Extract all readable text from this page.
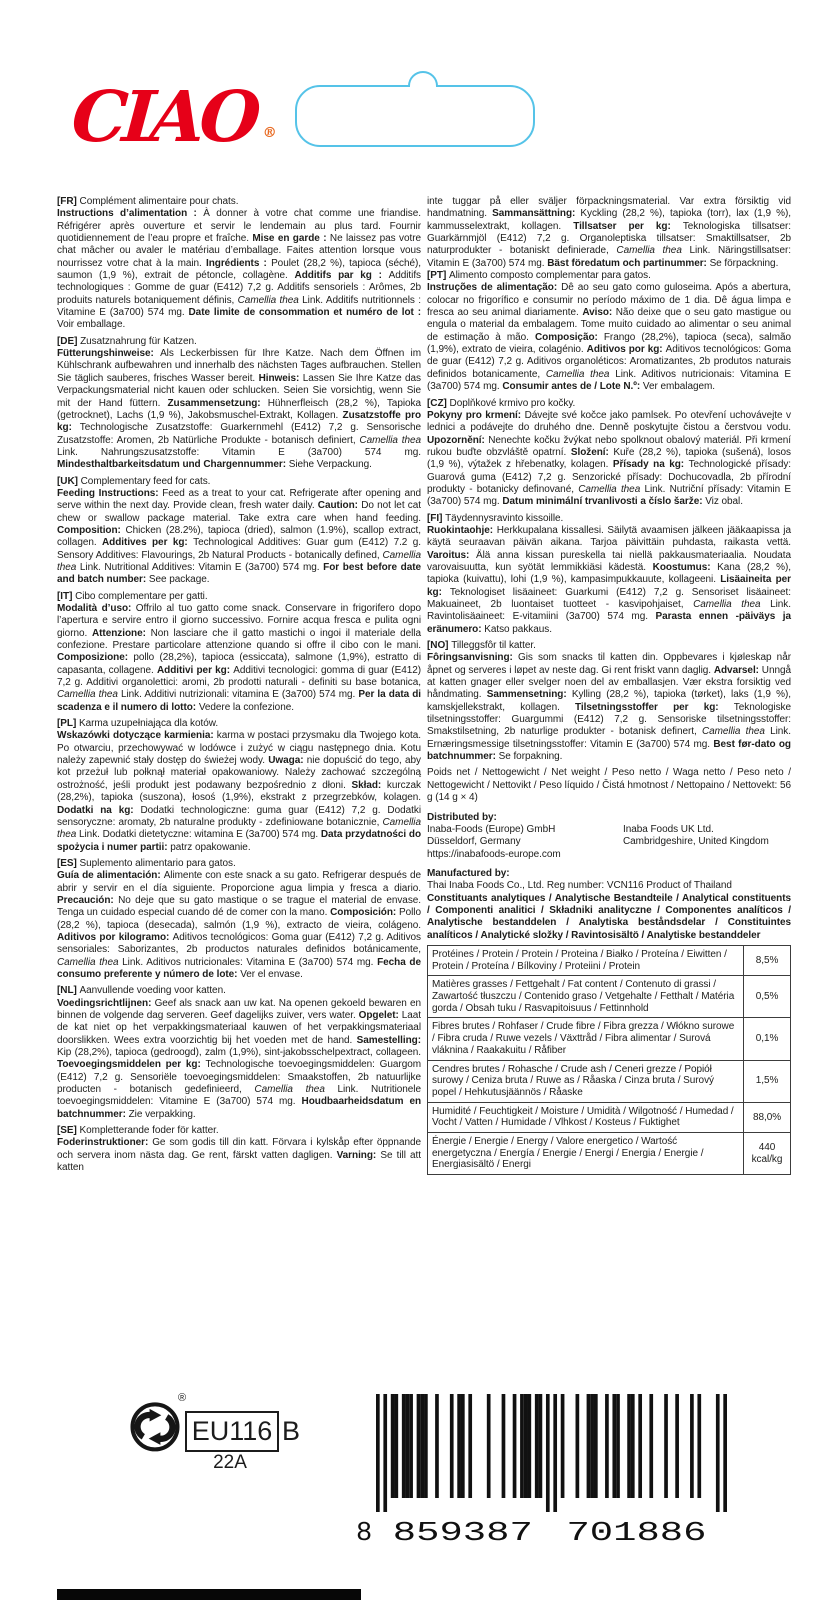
CIAO ®

[FR] Complément alimentaire pour chats.

Instructions d’alimentation : À donner à votre chat comme une friandise. Réfrigérer après ouverture et servir le lendemain au plus tard. Fournir quotidiennement de l’eau propre et fraîche. Mise en garde : Ne laissez pas votre chat mâcher ou avaler le matériau d’emballage. Faites attention lorsque vous nourrissez votre chat à la main. Ingrédients : Poulet (28,2 %), tapioca (séché), saumon (1,9 %), extrait de pétoncle, collagène. Additifs par kg : Additifs technologiques : Gomme de guar (E412) 7,2 g. Additifs sensoriels : Arômes, 2b produits naturels botaniquement définis, Camellia thea Link. Additifs nutritionnels : Vitamine E (3a700) 574 mg. Date limite de consommation et numéro de lot : Voir emballage.

[DE] Zusatznahrung für Katzen.

Fütterungshinweise: Als Leckerbissen für Ihre Katze. Nach dem Öffnen im Kühlschrank aufbewahren und innerhalb des nächsten Tages aufbrauchen. Stellen Sie täglich sauberes, frisches Wasser bereit. Hinweis: Lassen Sie Ihre Katze das Verpackungsmaterial nicht kauen oder schlucken. Seien Sie vorsichtig, wenn Sie mit der Hand füttern. Zusammensetzung: Hühnerfleisch (28,2 %), Tapioka (getrocknet), Lachs (1,9 %), Jakobsmuschel-Extrakt, Kollagen. Zusatzstoffe pro kg: Technologische Zusatzstoffe: Guarkernmehl (E412) 7,2 g. Sensorische Zusatzstoffe: Aromen, 2b Natürliche Produkte - botanisch definiert, Camellia thea Link. Nahrungszusatzstoffe: Vitamin E (3a700) 574 mg. Mindesthaltbarkeitsdatum und Chargennummer: Siehe Verpackung.

[UK] Complementary feed for cats.

Feeding Instructions: Feed as a treat to your cat. Refrigerate after opening and serve within the next day. Provide clean, fresh water daily. Caution: Do not let cat chew or swallow package material. Take extra care when hand feeding. Composition: Chicken (28.2%), tapioca (dried), salmon (1.9%), scallop extract, collagen. Additives per kg: Technological Additives: Guar gum (E412) 7.2 g. Sensory Additives: Flavourings, 2b Natural Products - botanically defined, Camellia thea Link. Nutritional Additives: Vitamin E (3a700) 574 mg. For best before date and batch number: See package.

[IT] Cibo complementare per gatti.

Modalità d’uso: Offrilo al tuo gatto come snack. Conservare in frigorifero dopo l’apertura e servire entro il giorno successivo. Fornire acqua fresca e pulita ogni giorno. Attenzione: Non lasciare che il gatto mastichi o ingoi il materiale della confezione. Prestare particolare attenzione quando si offre il cibo con le mani. Composizione: pollo (28,2%), tapioca (essiccata), salmone (1,9%), estratto di capasanta, collagene. Additivi per kg: Additivi tecnologici: gomma di guar (E412) 7,2 g. Additivi organolettici: aromi, 2b prodotti naturali - definiti su base botanica, Camellia thea Link. Additivi nutrizionali: vitamina E (3a700) 574 mg. Per la data di scadenza e il numero di lotto: Vedere la confezione.

[PL] Karma uzupełniająca dla kotów.

Wskazówki dotyczące karmienia: karma w postaci przysmaku dla Twojego kota. Po otwarciu, przechowywać w lodówce i zużyć w ciągu następnego dnia. Kotu należy zapewnić stały dostęp do świeżej wody. Uwaga: nie dopuścić do tego, aby kot przeżuł lub połknął materiał opakowaniowy. Należy zachować szczególną ostrożność, jeśli produkt jest podawany bezpośrednio z dłoni. Skład: kurczak (28,2%), tapioka (suszona), łosoś (1,9%), ekstrakt z przegrzebków, kolagen. Dodatki na kg: Dodatki technologiczne: guma guar (E412) 7,2 g. Dodatki sensoryczne: aromaty, 2b naturalne produkty - zdefiniowane botanicznie, Camellia thea Link. Dodatki dietetyczne: witamina E (3a700) 574 mg. Data przydatności do spożycia i numer partii: patrz opakowanie.

[ES] Suplemento alimentario para gatos.

Guía de alimentación: Alimente con este snack a su gato. Refrigerar después de abrir y servir en el día siguiente. Proporcione agua limpia y fresca a diario. Precaución: No deje que su gato mastique o se trague el material de envase. Tenga un cuidado especial cuando dé de comer con la mano. Composición: Pollo (28,2 %), tapioca (desecada), salmón (1,9 %), extracto de vieira, colágeno. Aditivos por kilogramo: Aditivos tecnológicos: Goma guar (E412) 7,2 g. Aditivos sensoriales: Saborizantes, 2b productos naturales definidos botánicamente, Camellia thea Link. Aditivos nutricionales: Vitamina E (3a700) 574 mg. Fecha de consumo preferente y número de lote: Ver el envase.

[NL] Aanvullende voeding voor katten.

Voedingsrichtlijnen: Geef als snack aan uw kat. Na openen gekoeld bewaren en binnen de volgende dag serveren. Geef dagelijks zuiver, vers water. Opgelet: Laat de kat niet op het verpakkingsmateriaal kauwen of het verpakkingsmateriaal doorslikken. Wees extra voorzichtig bij het voeden met de hand. Samestelling: Kip (28,2%), tapioca (gedroogd), zalm (1,9%), sint-jakobsschelpextract, collageen. Toevoegingsmiddelen per kg: Technologische toevoegingsmiddelen: Guargom (E412) 7,2 g. Sensoriële toevoegingsmiddelen: Smaakstoffen, 2b natuurlijke producten - botanisch gedefinieerd, Camellia thea Link. Nutritionele toevoegingsmiddelen: Vitamine E (3a700) 574 mg. Houdbaarheidsdatum en batchnummer: Zie verpakking.

[SE] Kompletterande foder för katter.

Foderinstruktioner: Ge som godis till din katt. Förvara i kylskåp efter öppnande och servera inom nästa dag. Ge rent, färskt vatten dagligen. Varning: Se till att katten

inte tuggar på eller sväljer förpackningsmaterial. Var extra försiktig vid handmatning. Sammansättning: Kyckling (28,2 %), tapioka (torr), lax (1,9 %), kammusselextrakt, kollagen. Tillsatser per kg: Teknologiska tillsatser: Guarkärnmjöl (E412) 7,2 g. Organoleptiska tillsatser: Smaktillsatser, 2b naturprodukter - botaniskt definierade, Camellia thea Link. Näringstillsatser: Vitamin E (3a700) 574 mg. Bäst föredatum och partinummer: Se förpackning.

[PT] Alimento composto complementar para gatos.

Instruções de alimentação: Dê ao seu gato como guloseima. Após a abertura, colocar no frigorífico e consumir no período máximo de 1 dia. Dê água limpa e fresca ao seu animal diariamente. Aviso: Não deixe que o seu gato mastigue ou engula o material da embalagem. Tome muito cuidado ao alimentar o seu animal de estimação à mão. Composição: Frango (28,2%), tapioca (seca), salmão (1,9%), extrato de vieira, colagénio. Aditivos por kg: Aditivos tecnológicos: Goma de guar (E412) 7,2 g. Aditivos organoléticos: Aromatizantes, 2b produtos naturais definidos botanicamente, Camellia thea Link. Aditivos nutricionais: Vitamina E (3a700) 574 mg. Consumir antes de / Lote N.º: Ver embalagem.

[CZ] Doplňkové krmivo pro kočky.

Pokyny pro krmení: Dávejte své kočce jako pamlsek. Po otevření uchovávejte v lednici a podávejte do druhého dne. Denně poskytujte čistou a čerstvou vodu. Upozornění: Nenechte kočku žvýkat nebo spolknout obalový materiál. Při krmení rukou buďte obzvláště opatrní. Složení: Kuře (28,2 %), tapioka (sušená), losos (1,9 %), výtažek z hřebenatky, kolagen. Přísady na kg: Technologické přísady: Guarová guma (E412) 7,2 g. Senzorické přísady: Dochucovadla, 2b přírodní produkty - botanicky definované, Camellia thea Link. Nutriční přísady: Vitamin E (3a700) 574 mg. Datum minimální trvanlivosti a číslo šarže: Viz obal.

[FI] Täydennysravinto kissoille.

Ruokintaohje: Herkkupalana kissallesi. Säilytä avaamisen jälkeen jääkaapissa ja käytä seuraavan päivän aikana. Tarjoa päivittäin puhdasta, raikasta vettä. Varoitus: Älä anna kissan pureskella tai niellä pakkausmateriaalia. Noudata varovaisuutta, kun syötät lemmikkiäsi kädestä. Koostumus: Kana (28,2 %), tapioka (kuivattu), lohi (1,9 %), kampasimpukkauute, kollageeni. Lisäaineita per kg: Teknologiset lisäaineet: Guarkumi (E412) 7,2 g. Sensoriset lisäaineet: Makuaineet, 2b luontaiset tuotteet - kasvipohjaiset, Camellia thea Link. Ravintolisäaineet: E-vitamiini (3a700) 574 mg. Parasta ennen -päiväys ja eränumero: Katso pakkaus.

[NO] Tilleggsfôr til katter.

Fôringsanvisning: Gis som snacks til katten din. Oppbevares i kjøleskap når åpnet og serveres i løpet av neste dag. Gi rent friskt vann daglig. Advarsel: Unngå at katten gnager eller svelger noen del av emballasjen. Vær ekstra forsiktig ved håndmating. Sammensetning: Kylling (28,2 %), tapioka (tørket), laks (1,9 %), kamskjellekstrakt, kollagen. Tilsetningsstoffer per kg: Teknologiske tilsetningsstoffer: Guargummi (E412) 7,2 g. Sensoriske tilsetningsstoffer: Smakstilsetning, 2b naturlige produkter - botanisk definert, Camellia thea Link. Ernæringsmessige tilsetningsstoffer: Vitamin E (3a700) 574 mg. Best før-dato og batchnummer: Se forpakning.

Poids net / Nettogewicht / Net weight / Peso netto / Waga netto / Peso neto / Nettogewicht / Nettovikt / Peso líquido / Čistá hmotnost / Nettopaino / Nettovekt: 56 g (14 g × 4)

Distributed by:

Inaba-Foods (Europe) GmbH
Düsseldorf, Germany
https://inabafoods-europe.com
Inaba Foods UK Ltd.
Cambridgeshire, United Kingdom

Manufactured by:

Thai Inaba Foods Co., Ltd. Reg number: VCN116 Product of Thailand

Constituants analytiques / Analytische Bestandteile / Analytical constituents / Componenti analitici / Składniki analityczne / Componentes analíticos / Analytische bestanddelen / Analytiska beståndsdelar / Constituintes analíticos / Analytické složky / Ravintosisältö / Analytiske bestanddeler

Protéines / Protein / Protein / Proteina / Białko / Proteína / Eiwitten / Protein / Proteína / Bílkoviny / Proteiini / Protein
8,5%
Matières grasses / Fettgehalt / Fat content / Contenuto di grassi / Zawartość tłuszczu / Contenido graso / Vetgehalte / Fetthalt / Matéria gorda / Obsah tuku / Rasvapitoisuus / Fettinnhold
0,5%
Fibres brutes / Rohfaser / Crude fibre / Fibra grezza / Włókno surowe / Fibra cruda / Ruwe vezels / Växttråd / Fibra alimentar / Surová vláknina / Raakakuitu / Råfiber
0,1%
Cendres brutes / Rohasche / Crude ash / Ceneri grezze / Popiół surowy / Ceniza bruta / Ruwe as / Råaska / Cinza bruta / Surový popel / Hehkutusjäännös / Råaske
1,5%
Humidité / Feuchtigkeit / Moisture / Umidità / Wilgotność / Humedad / Vocht / Vatten / Humidade / Vlhkost / Kosteus / Fuktighet
88,0%
Énergie / Energie / Energy / Valore energetico / Wartość energetyczna / Energía / Energie / Energi / Energia / Energie / Energiasisältö / Energi
440 kcal/kg
®
EU116 B
22A
8 859387 701886
